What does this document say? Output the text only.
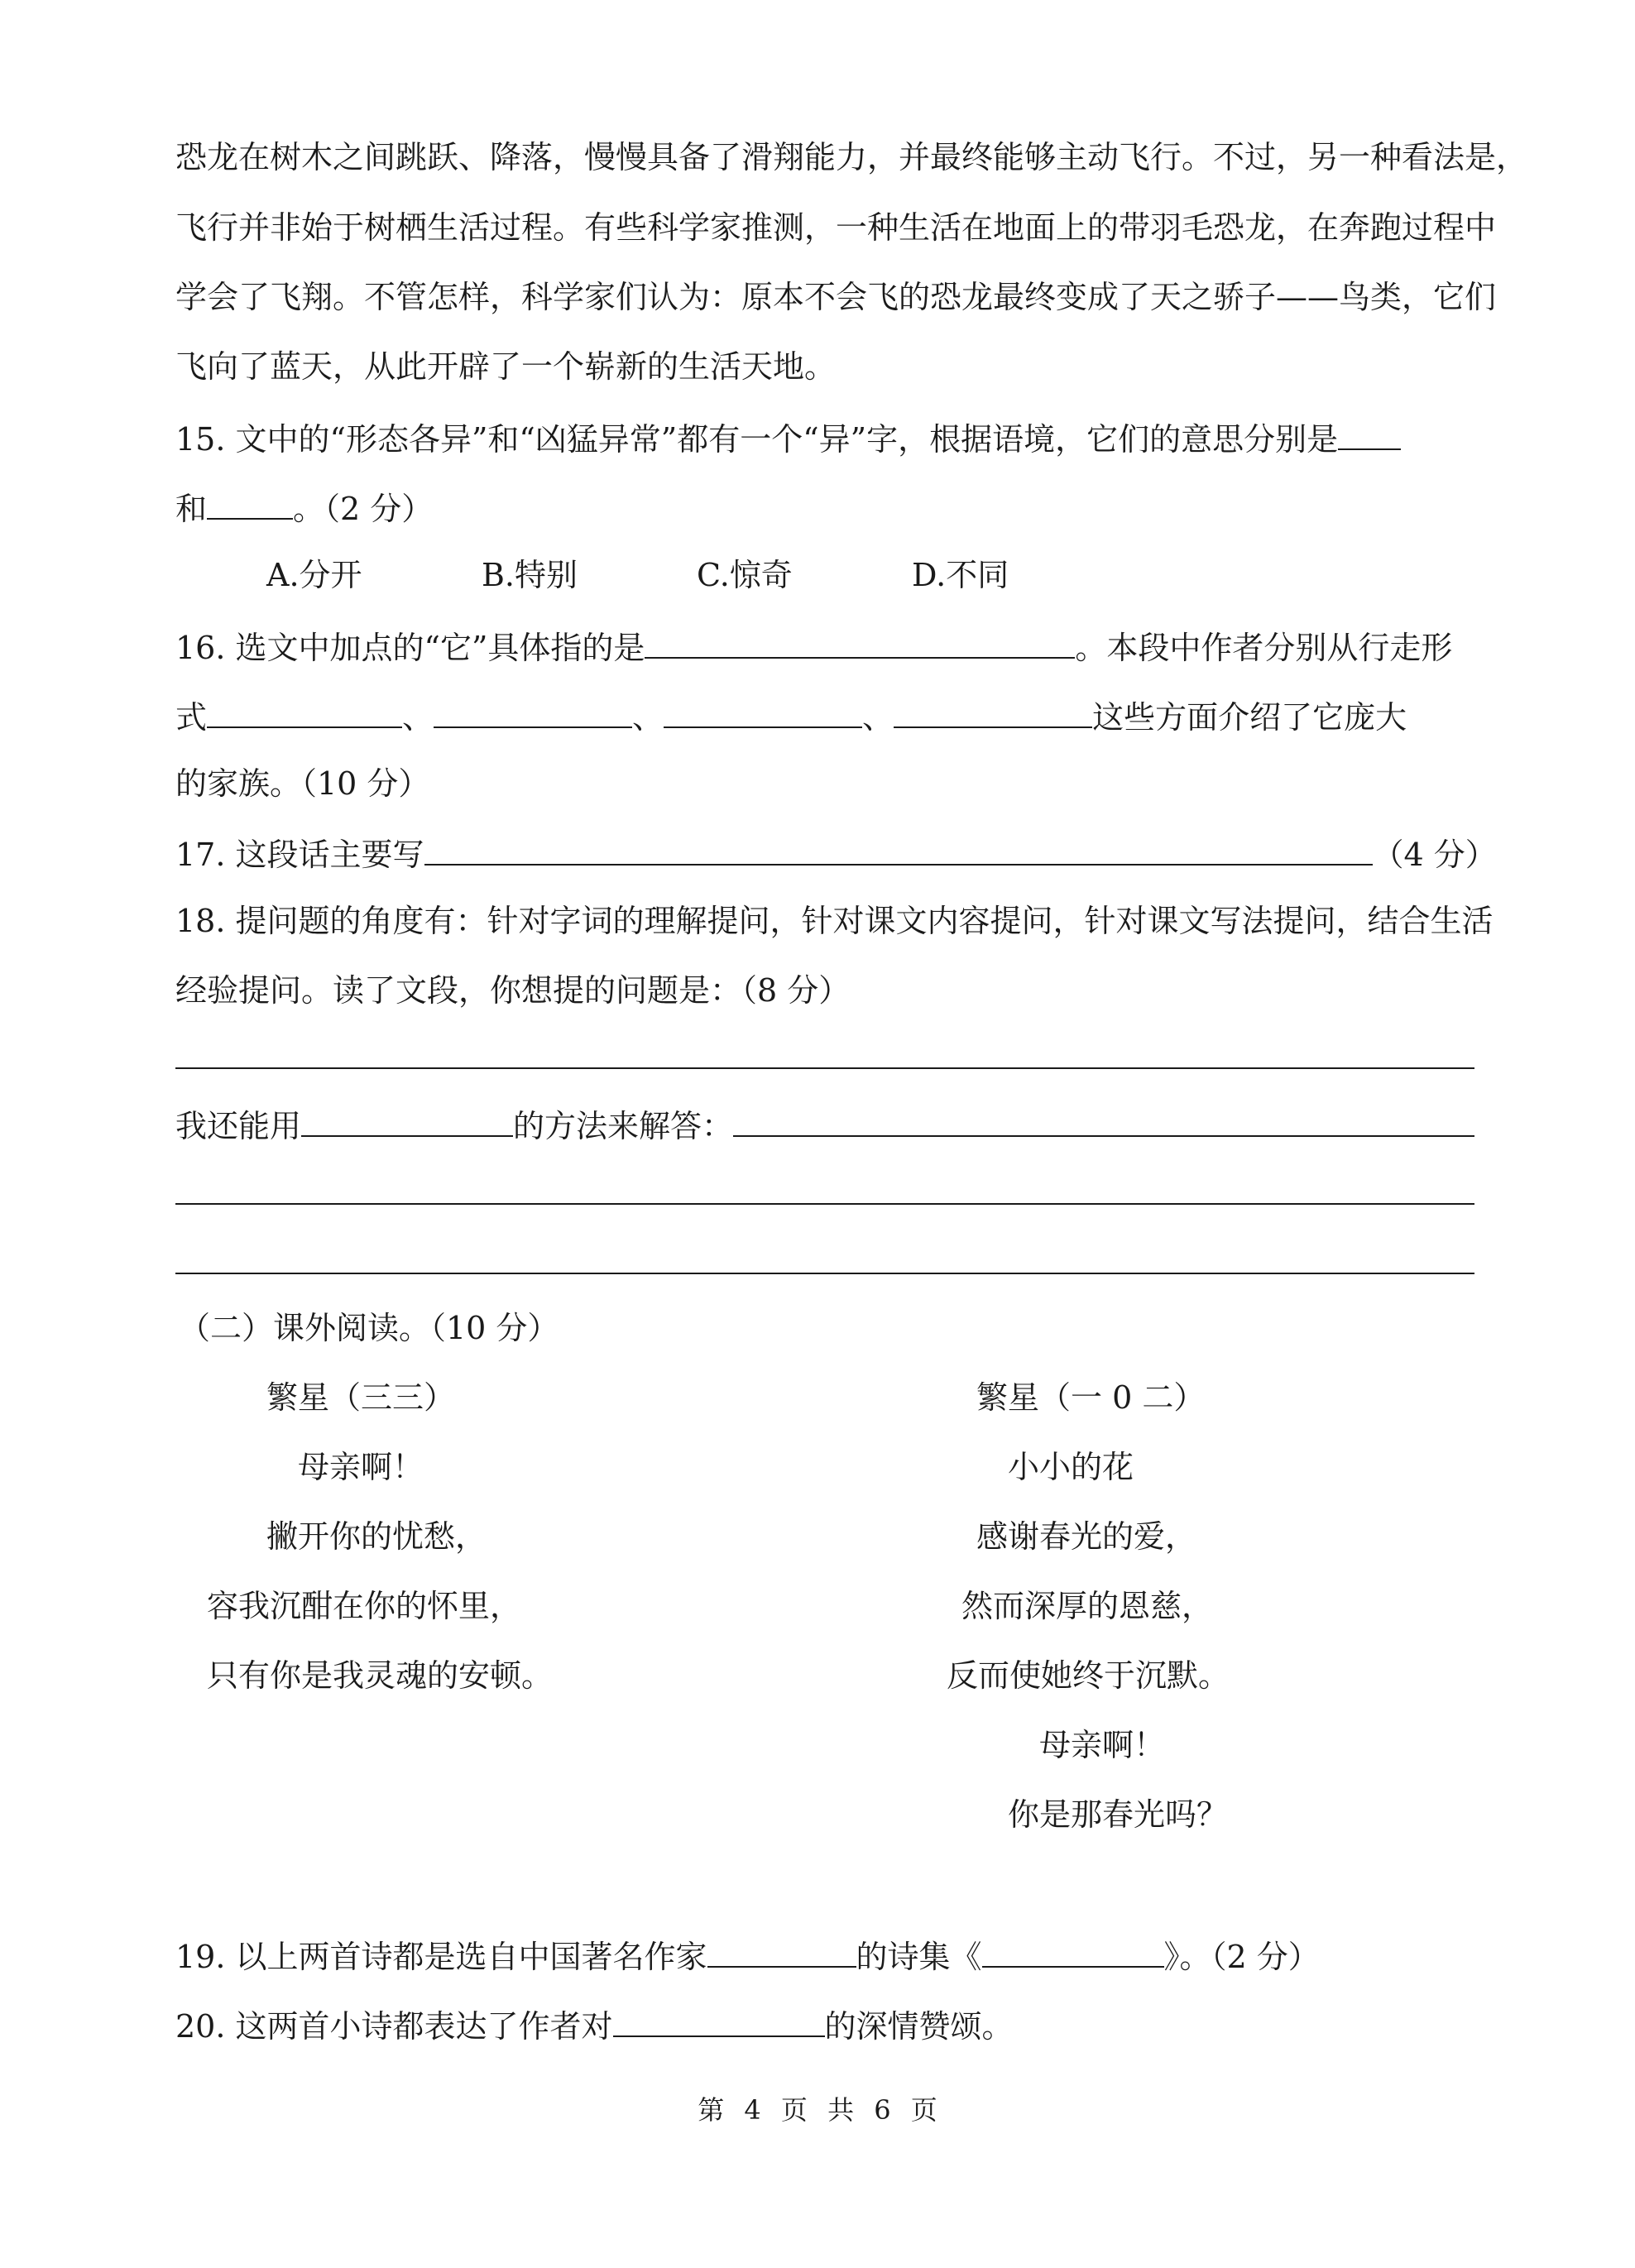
恐龙在树木之间跳跃、降落，慢慢具备了滑翔能力，并最终能够主动飞行。不过，另一种看法是，
飞行并非始于树栖生活过程。有些科学家推测，一种生活在地面上的带羽毛恐龙，在奔跑过程中
学会了飞翔。不管怎样，科学家们认为：原本不会飞的恐龙最终变成了天之骄子——鸟类，它们
飞向了蓝天，从此开辟了一个崭新的生活天地。
15. 文中的“形态各异”和“凶猛异常”都有一个“异”字，根据语境，它们的意思分别是
和	。（2 分）
A.分开	B.特别	C.惊奇	D.不同
16. 选文中加点的“它”具体指的是	。本段中作者分别从行走形
式	、	、	、	这些方面介绍了它庞大
的家族。（10 分）
17. 这段话主要写	（4 分）
18. 提问题的角度有：针对字词的理解提问，针对课文内容提问，针对课文写法提问，结合生活
经验提问。读了文段，你想提的问题是：（8 分）
我还能用	的方法来解答：
（二）课外阅读。（10 分）
繁星（三三）
母亲啊！
撇开你的忧愁，
容我沉酣在你的怀里，
只有你是我灵魂的安顿。
繁星（一 0 二）
小小的花
感谢春光的爱，
然而深厚的恩慈，
反而使她终于沉默。
母亲啊！
你是那春光吗？
19. 以上两首诗都是选自中国著名作家	的诗集《	》。（2 分）
20. 这两首小诗都表达了作者对	的深情赞颂。
第 4 页 共 6 页
